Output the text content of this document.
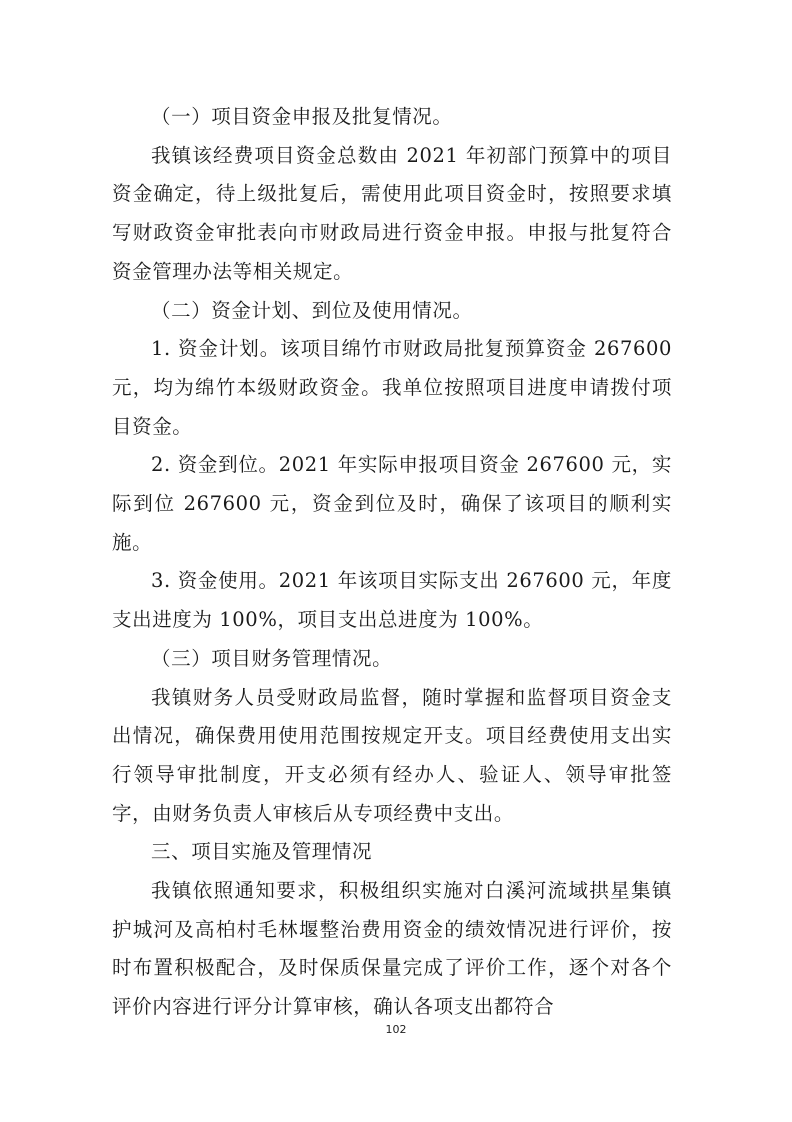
（一）项目资金申报及批复情况。

我镇该经费项目资金总数由 2021 年初部门预算中的项目资金确定，待上级批复后，需使用此项目资金时，按照要求填写财政资金审批表向市财政局进行资金申报。申报与批复符合资金管理办法等相关规定。

（二）资金计划、到位及使用情况。

1. 资金计划。该项目绵竹市财政局批复预算资金 267600 元，均为绵竹本级财政资金。我单位按照项目进度申请拨付项目资金。

2. 资金到位。2021 年实际申报项目资金 267600 元，实际到位 267600 元，资金到位及时，确保了该项目的顺利实施。

3. 资金使用。2021 年该项目实际支出 267600 元，年度支出进度为 100%，项目支出总进度为 100%。

（三）项目财务管理情况。

我镇财务人员受财政局监督，随时掌握和监督项目资金支出情况，确保费用使用范围按规定开支。项目经费使用支出实行领导审批制度，开支必须有经办人、验证人、领导审批签字，由财务负责人审核后从专项经费中支出。

三、项目实施及管理情况

我镇依照通知要求，积极组织实施对白溪河流域拱星集镇护城河及高柏村毛林堰整治费用资金的绩效情况进行评价，按时布置积极配合，及时保质保量完成了评价工作，逐个对各个评价内容进行评分计算审核，确认各项支出都符合

102
